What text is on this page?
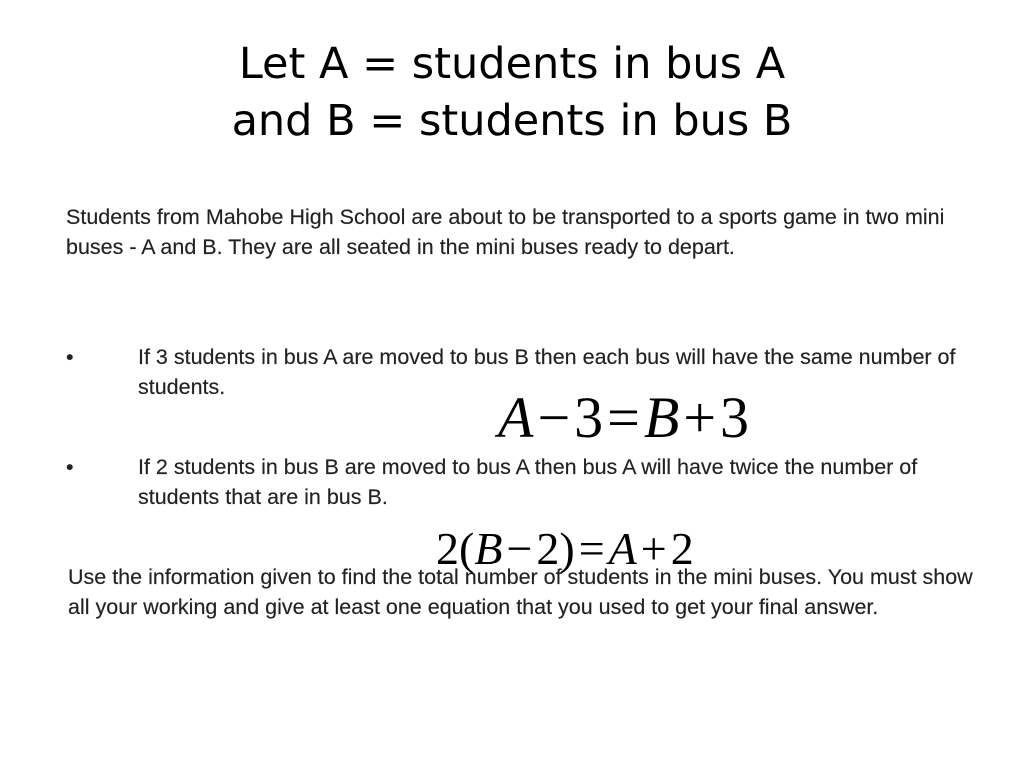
Let A = students in bus A
and B = students in bus B
Students from Mahobe High School are about to be transported to a sports game in two mini buses - A and B. They are all seated in the mini buses ready to depart.
•	If 3 students in bus A are moved to bus B then each bus will have the same number of students.	A−3=B+3
•	If 2 students in bus B are moved to bus A then bus A will have twice the number of students that are in bus B.
Use the information given to find the total number of students in the mini buses. You must show all your working and give at least one equation that you used to get your final answer.
2(B−2)=A+2
